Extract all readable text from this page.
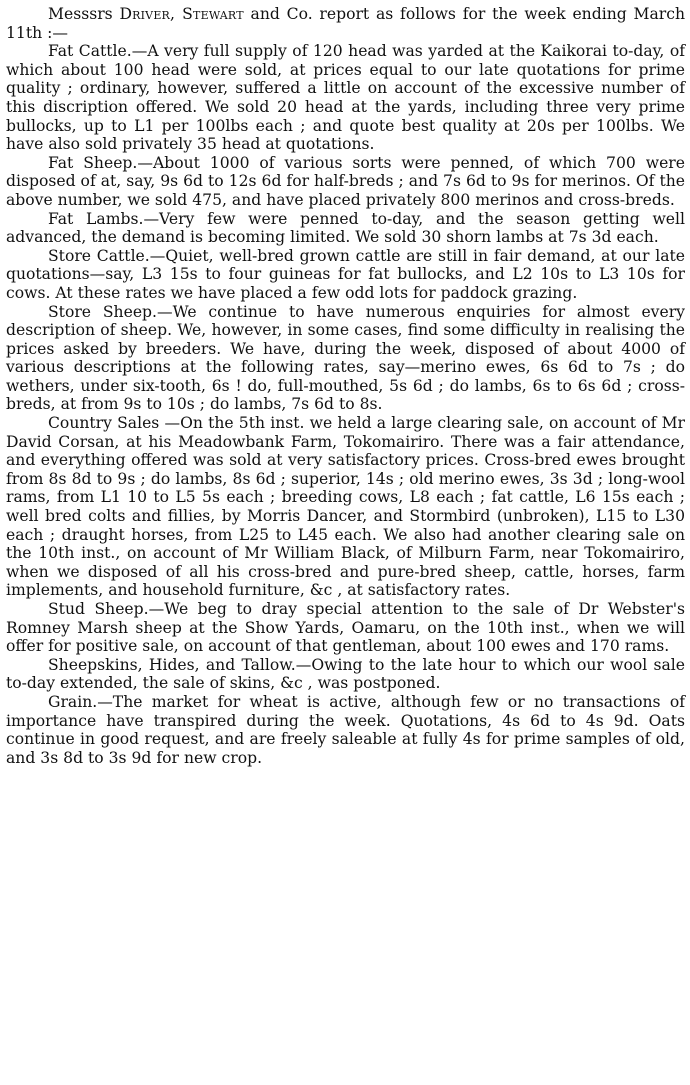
Messsrs Driver, Stewart and Co. report as follows for the week ending March 11th :—

Fat Cattle.—A very full supply of 120 head was yarded at the Kaikorai to-day, of which about 100 head were sold, at prices equal to our late quotations for prime quality ; ordinary, however, suffered a little on account of the excessive number of this discription offered. We sold 20 head at the yards, including three very prime bullocks, up to L1 per 100lbs each ; and quote best quality at 20s per 100lbs. We have also sold privately 35 head at quotations.

Fat Sheep.—About 1000 of various sorts were penned, of which 700 were disposed of at, say, 9s 6d to 12s 6d for half-breds ; and 7s 6d to 9s for merinos. Of the above number, we sold 475, and have placed privately 800 merinos and cross-breds.

Fat Lambs.—Very few were penned to-day, and the season getting well advanced, the demand is becoming limited. We sold 30 shorn lambs at 7s 3d each.

Store Cattle.—Quiet, well-bred grown cattle are still in fair demand, at our late quotations—say, L3 15s to four guineas for fat bullocks, and L2 10s to L3 10s for cows. At these rates we have placed a few odd lots for paddock grazing.

Store Sheep.—We continue to have numerous enquiries for almost every description of sheep. We, however, in some cases, find some difficulty in realising the prices asked by breeders. We have, during the week, disposed of about 4000 of various descriptions at the following rates, say—merino ewes, 6s 6d to 7s ; do wethers, under six-tooth, 6s ! do, full-mouthed, 5s 6d ; do lambs, 6s to 6s 6d ; cross-breds, at from 9s to 10s ; do lambs, 7s 6d to 8s.

Country Sales —On the 5th inst. we held a large clearing sale, on account of Mr David Corsan, at his Meadowbank Farm, Tokomairiro. There was a fair attendance, and everything offered was sold at very satisfactory prices. Cross-bred ewes brought from 8s 8d to 9s ; do lambs, 8s 6d ; superior, 14s ; old merino ewes, 3s 3d ; long-wool rams, from L1 10 to L5 5s each ; breeding cows, L8 each ; fat cattle, L6 15s each ; well bred colts and fillies, by Morris Dancer, and Stormbird (unbroken), L15 to L30 each ; draught horses, from L25 to L45 each. We also had another clearing sale on the 10th inst., on account of Mr William Black, of Milburn Farm, near Tokomairiro, when we disposed of all his cross-bred and pure-bred sheep, cattle, horses, farm implements, and household furniture, &c , at satisfactory rates.

Stud Sheep.—We beg to dray special attention to the sale of Dr Webster's Romney Marsh sheep at the Show Yards, Oamaru, on the 10th inst., when we will offer for positive sale, on account of that gentleman, about 100 ewes and 170 rams.

Sheepskins, Hides, and Tallow.—Owing to the late hour to which our wool sale to-day extended, the sale of skins, &c , was postponed.

Grain.—The market for wheat is active, although few or no transactions of importance have transpired during the week. Quotations, 4s 6d to 4s 9d. Oats continue in good request, and are freely saleable at fully 4s for prime samples of old, and 3s 8d to 3s 9d for new crop.
